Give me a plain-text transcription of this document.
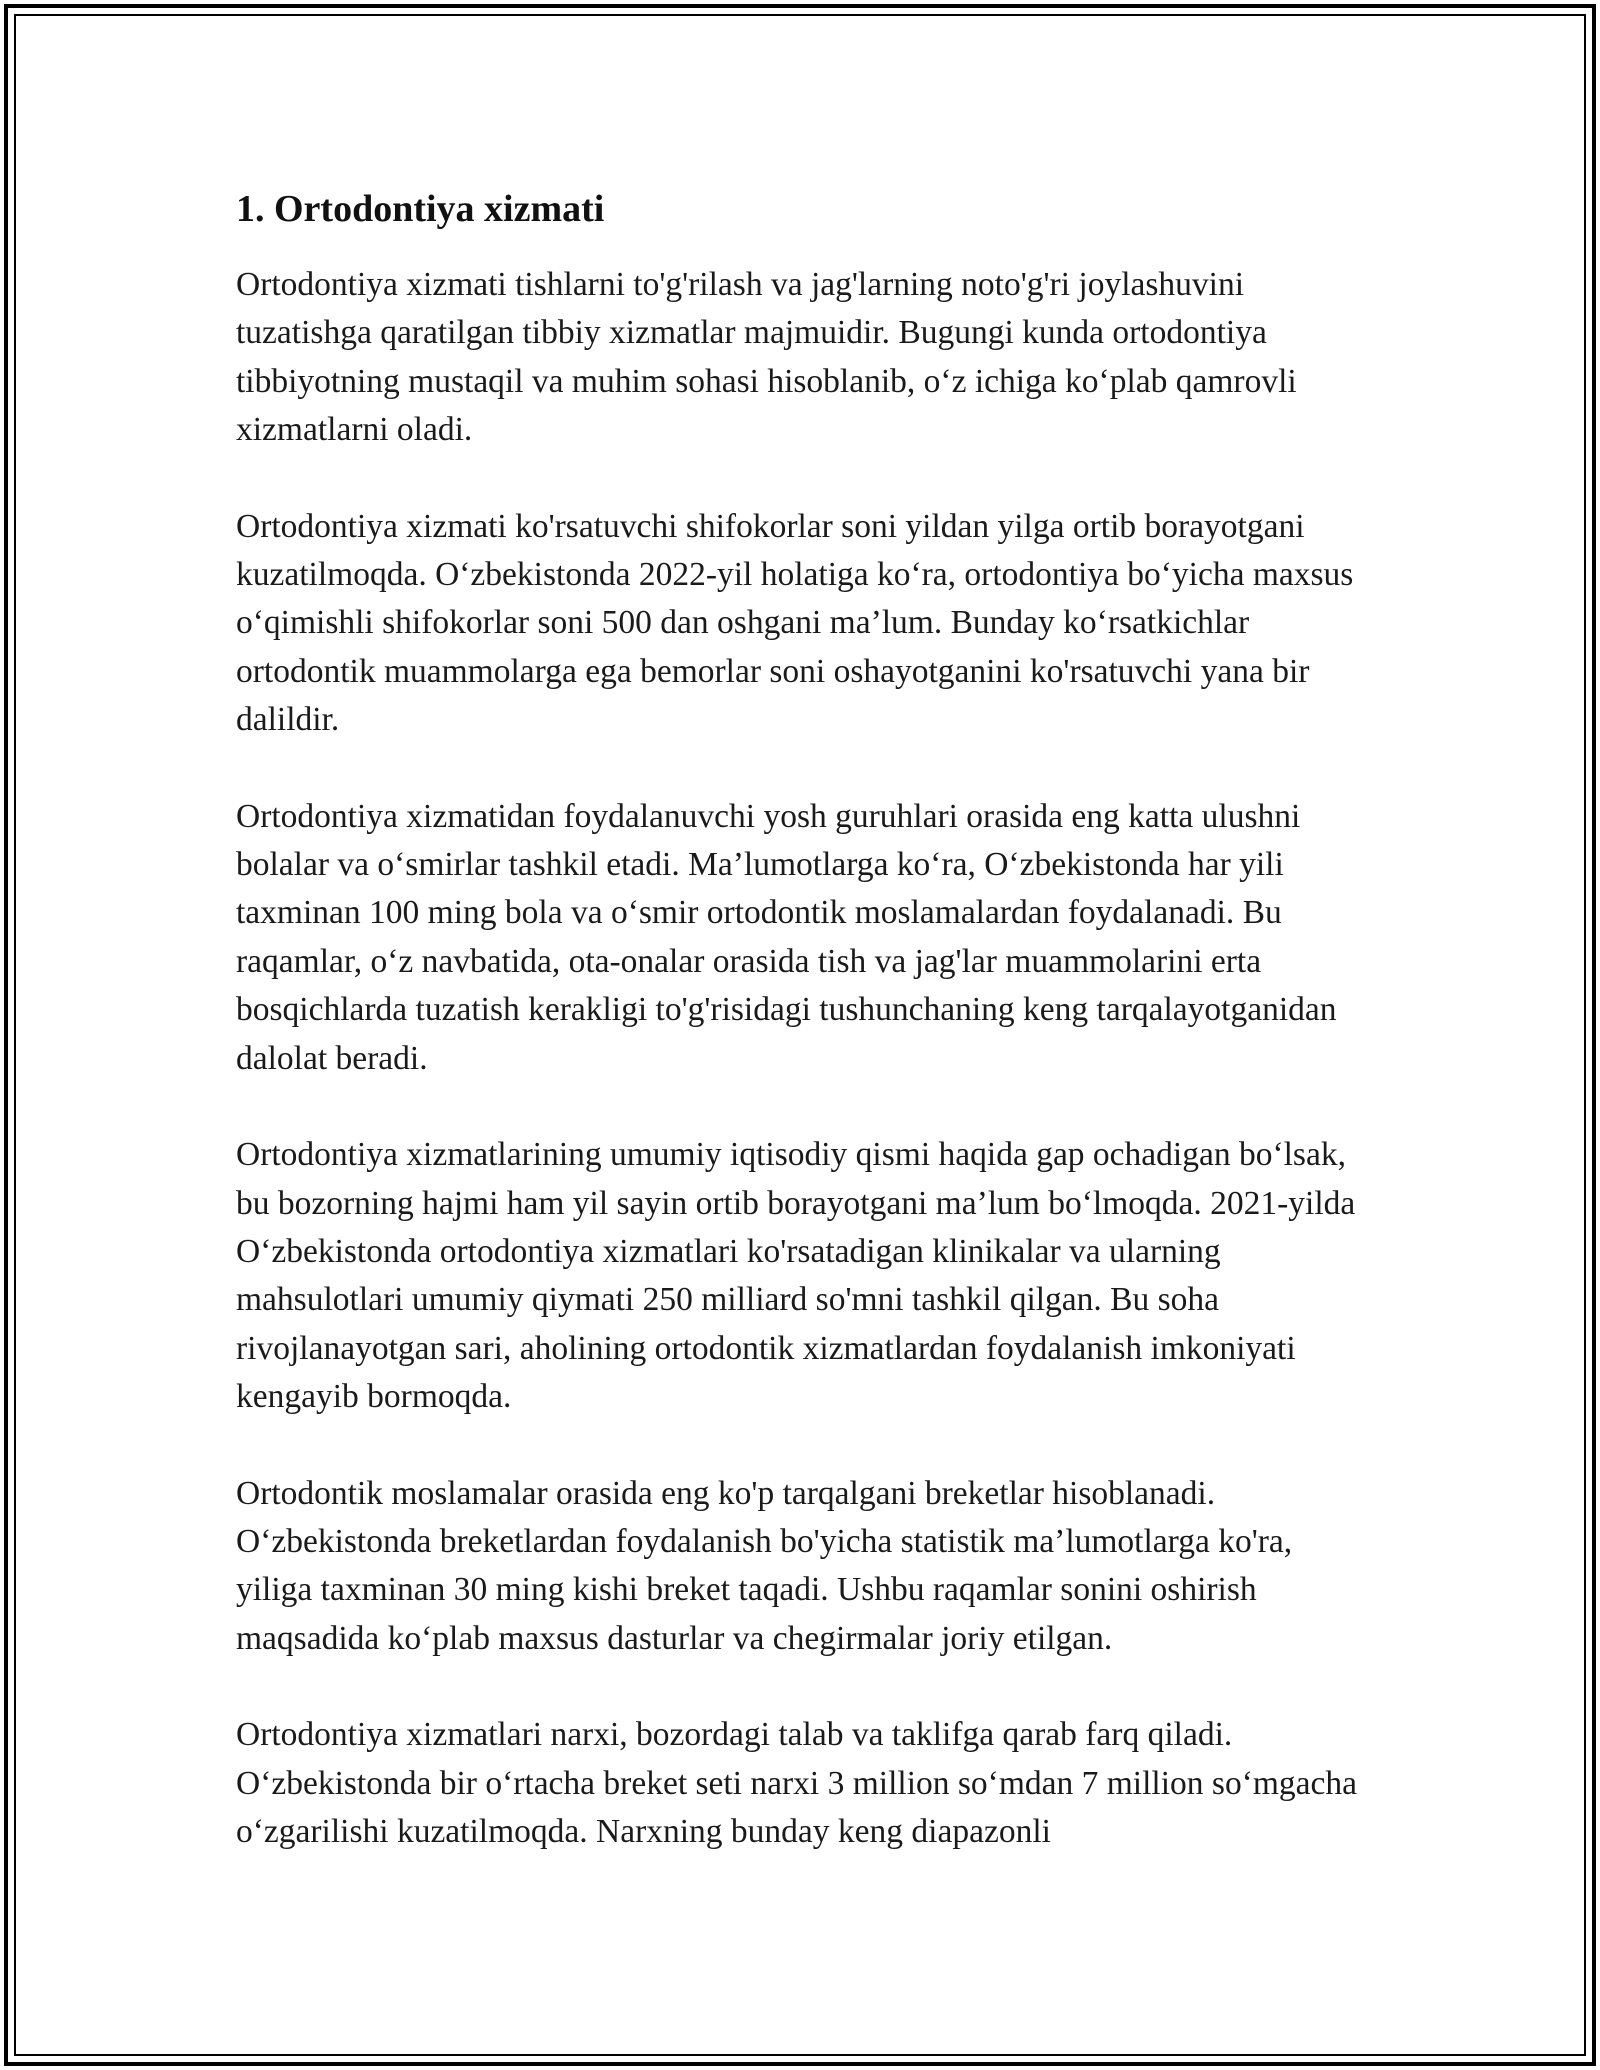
1. Ortodontiya xizmati

Ortodontiya xizmati tishlarni to'g'rilash va jag'larning noto'g'ri joylashuvini tuzatishga qaratilgan tibbiy xizmatlar majmuidir. Bugungi kunda ortodontiya tibbiyotning mustaqil va muhim sohasi hisoblanib, o‘z ichiga ko‘plab qamrovli xizmatlarni oladi.

Ortodontiya xizmati ko'rsatuvchi shifokorlar soni yildan yilga ortib borayotgani kuzatilmoqda. O‘zbekistonda 2022-yil holatiga ko‘ra, ortodontiya bo‘yicha maxsus o‘qimishli shifokorlar soni 500 dan oshgani ma’lum. Bunday ko‘rsatkichlar ortodontik muammolarga ega bemorlar soni oshayotganini ko'rsatuvchi yana bir dalildir.

Ortodontiya xizmatidan foydalanuvchi yosh guruhlari orasida eng katta ulushni bolalar va o‘smirlar tashkil etadi. Ma’lumotlarga ko‘ra, O‘zbekistonda har yili taxminan 100 ming bola va o‘smir ortodontik moslamalardan foydalanadi. Bu raqamlar, o‘z navbatida, ota-onalar orasida tish va jag'lar muammolarini erta bosqichlarda tuzatish kerakligi to'g'risidagi tushunchaning keng tarqalayotganidan dalolat beradi.

Ortodontiya xizmatlarining umumiy iqtisodiy qismi haqida gap ochadigan bo‘lsak, bu bozorning hajmi ham yil sayin ortib borayotgani ma’lum bo‘lmoqda. 2021-yilda O‘zbekistonda ortodontiya xizmatlari ko'rsatadigan klinikalar va ularning mahsulotlari umumiy qiymati 250 milliard so'mni tashkil qilgan. Bu soha rivojlanayotgan sari, aholining ortodontik xizmatlardan foydalanish imkoniyati kengayib bormoqda.

Ortodontik moslamalar orasida eng ko'p tarqalgani breketlar hisoblanadi. O‘zbekistonda breketlardan foydalanish bo'yicha statistik ma’lumotlarga ko'ra, yiliga taxminan 30 ming kishi breket taqadi. Ushbu raqamlar sonini oshirish maqsadida ko‘plab maxsus dasturlar va chegirmalar joriy etilgan.

Ortodontiya xizmatlari narxi, bozordagi talab va taklifga qarab farq qiladi. O‘zbekistonda bir o‘rtacha breket seti narxi 3 million so‘mdan 7 million so‘mgacha o‘zgarilishi kuzatilmoqda. Narxning bunday keng diapazonli
